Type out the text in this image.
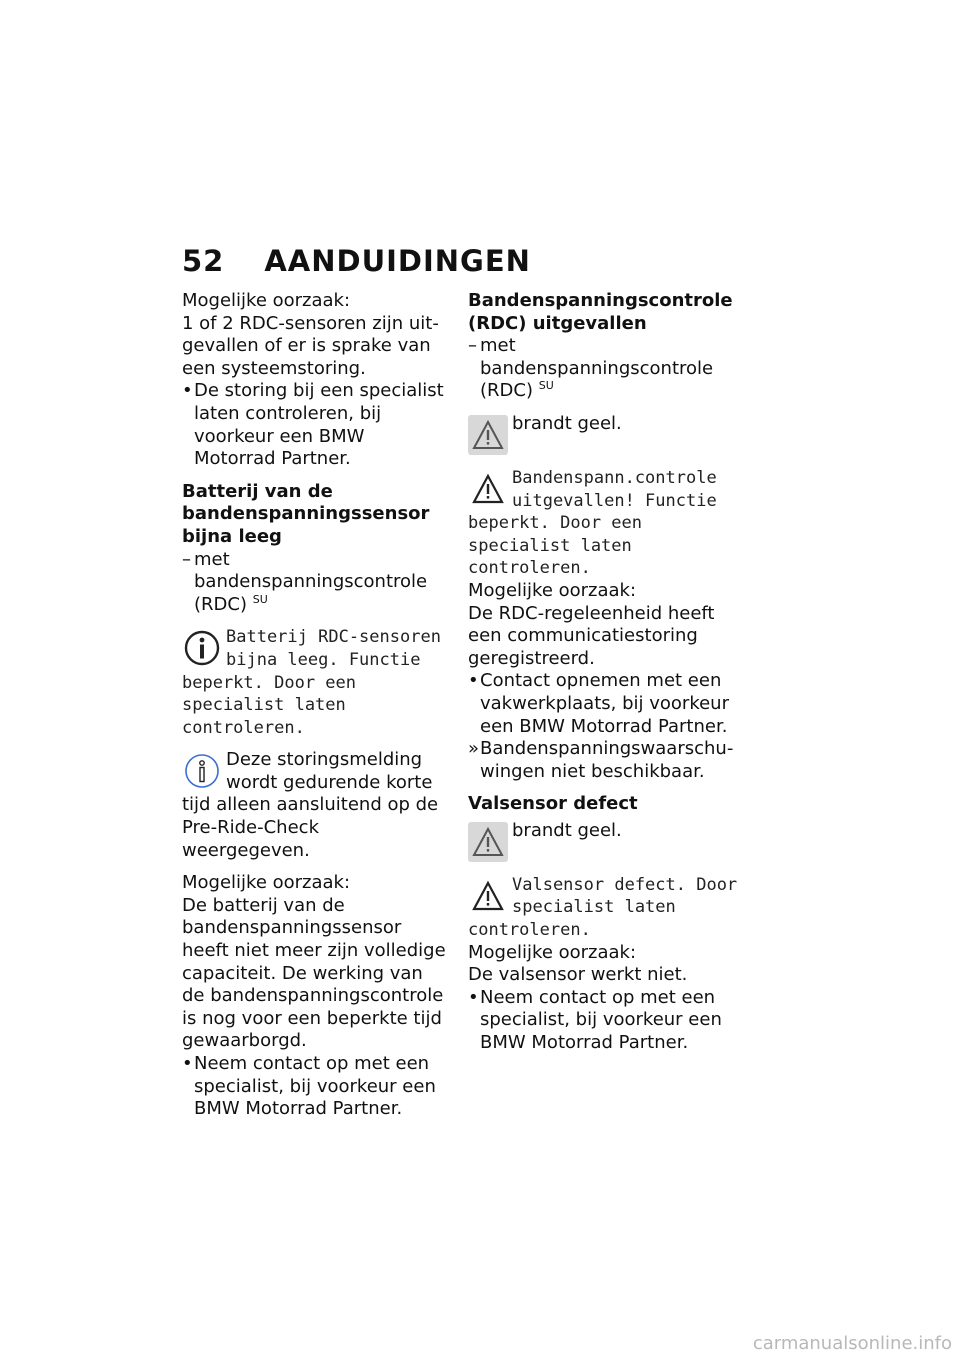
52 AANDUIDINGEN

Mogelijke oorzaak:

1 of 2 RDC-sensoren zijn uitgevallen of er is sprake van een systeemstoring.

• De storing bij een specialist laten controleren, bij voorkeur een BMW Motorrad Partner.

Batterij van de bandenspanningssensor bijna leeg

– met bandenspanningscontrole (RDC) $^{SU}$

Batterij RDC-sensoren bijna leeg. Functie beperkt. Door een specialist laten controleren.
Deze storingsmelding wordt gedurende korte tijd alleen aansluitend op de Pre-Ride-Check weergegeven.

Mogelijke oorzaak:

De batterij van de bandenspanningssensor heeft niet meer zijn volledige capaciteit. De werking van de bandenspanningscontrole is nog voor een beperkte tijd gewaarborgd.

• Neem contact op met een specialist, bij voorkeur een BMW Motorrad Partner.

Bandenspanningscontrole (RDC) uitgevallen

– met bandenspanningscontrole (RDC) $^{SU}$

brandt geel.
Bandenspann.controle uitgevallen! Functie beperkt. Door een specialist laten controleren.

Mogelijke oorzaak:

De RDC-regeleenheid heeft een communicatiestoring geregistreerd.

• Contact opnemen met een vakwerkplaats, bij voorkeur een BMW Motorrad Partner.

» Bandenspanningswaarschuwingen niet beschikbaar.

Valsensor defect

brandt geel.
Valsensor defect. Door specialist laten controleren.

Mogelijke oorzaak:

De valsensor werkt niet.

• Neem contact op met een specialist, bij voorkeur een BMW Motorrad Partner.

carmanualsonline.info
